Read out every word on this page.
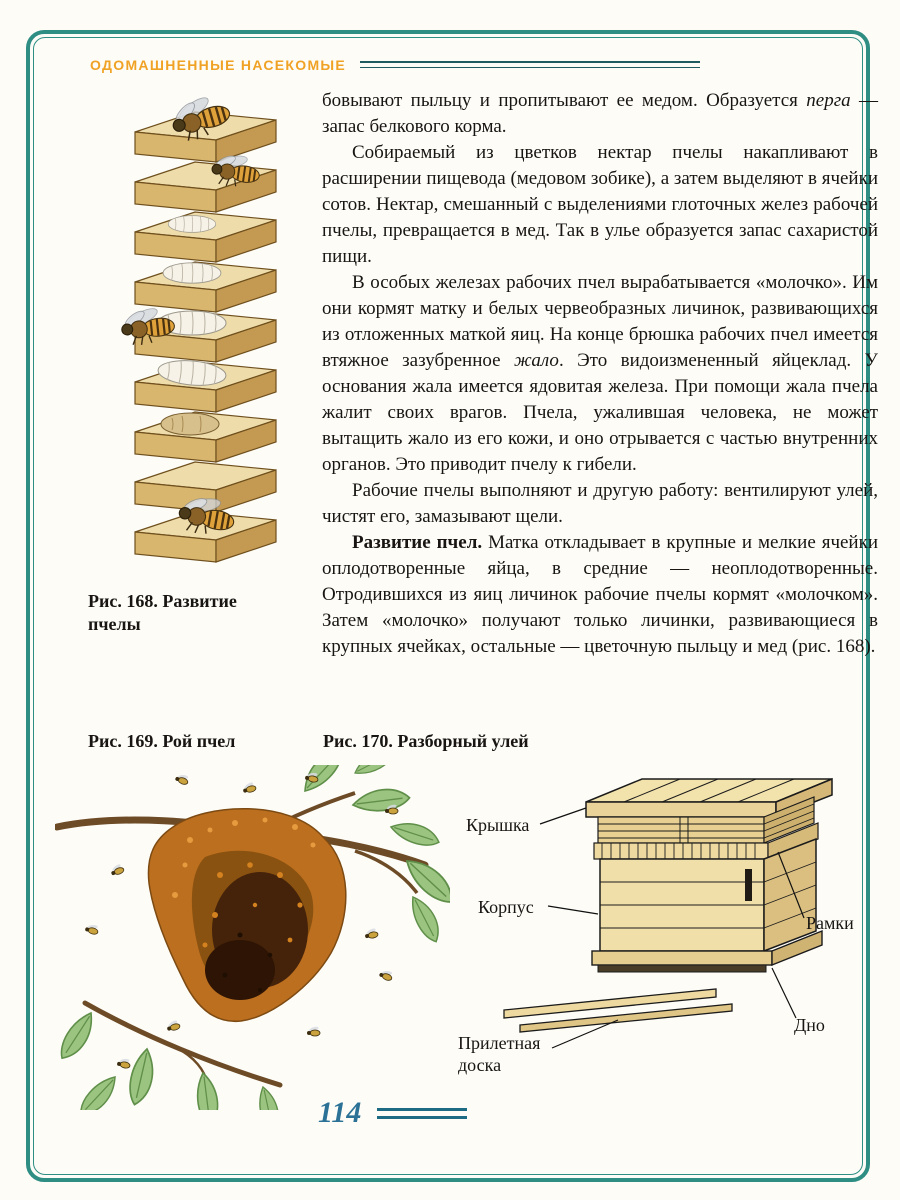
ОДОМАШНЕННЫЕ НАСЕКОМЫЕ
Рис. 168. Развитие пчелы

бовывают пыльцу и пропитывают ее медом. Образуется перга — запас белкового корма.

Собираемый из цветков нектар пчелы накапливают в расширении пищевода (медовом зобике), а затем выделяют в ячейки сотов. Нектар, смешанный с выделениями глоточных желез рабочей пчелы, превращается в мед. Так в улье образуется запас сахаристой пищи.

В особых железах рабочих пчел вырабатывается «молочко». Им они кормят матку и белых червеобразных личинок, развивающихся из отложенных маткой яиц. На конце брюшка рабочих пчел имеется втяжное зазубренное жало. Это видоизмененный яйцеклад. У основания жала имеется ядовитая железа. При помощи жала пчела жалит своих врагов. Пчела, ужалившая человека, не может вытащить жало из его кожи, и оно отрывается с частью внутренних органов. Это приводит пчелу к гибели.

Рабочие пчелы выполняют и другую работу: вентилируют улей, чистят его, замазывают щели.

Развитие пчел. Матка откладывает в крупные и мелкие ячейки оплодотворенные яйца, в средние — неоплодотворенные. Отродившихся из яиц личинок рабочие пчелы кормят «молочком». Затем «молочко» получают только личинки, развивающиеся в крупных ячейках, остальные — цветочную пыльцу и мед (рис. 168).

Рис. 169. Рой пчел	Рис. 170. Разборный улей
Крышка
Корпус
Рамки
Дно
Прилетная доска
114
